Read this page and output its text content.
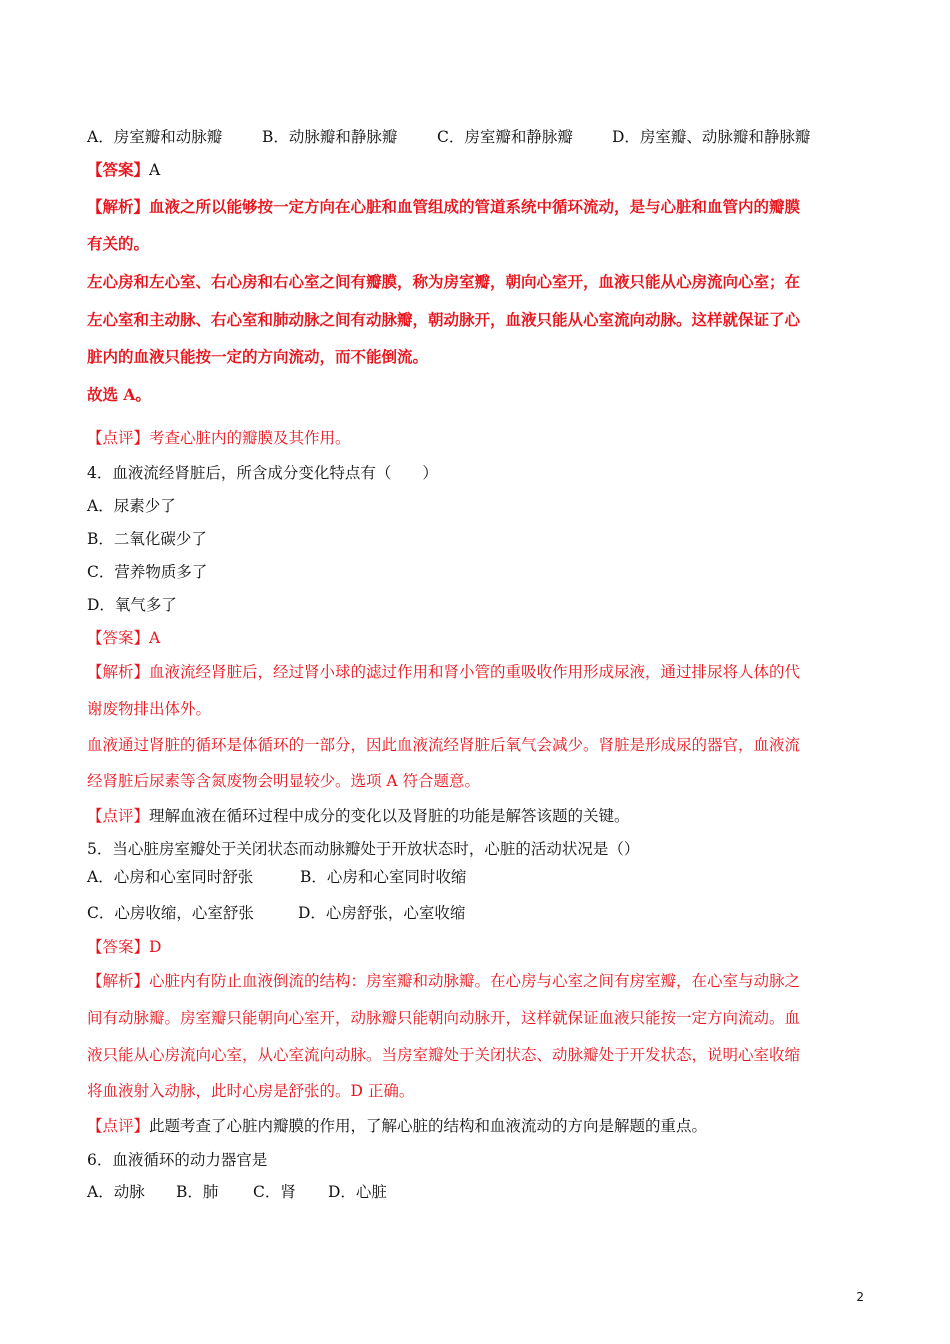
A．房室瓣和动脉瓣	B．动脉瓣和静脉瓣	C．房室瓣和静脉瓣	D．房室瓣、动脉瓣和静脉瓣
【答案】A
【解析】血液之所以能够按一定方向在心脏和血管组成的管道系统中循环流动，是与心脏和血管内的瓣膜
有关的。
左心房和左心室、右心房和右心室之间有瓣膜，称为房室瓣，朝向心室开，血液只能从心房流向心室；在
左心室和主动脉、右心室和肺动脉之间有动脉瓣，朝动脉开，血液只能从心室流向动脉。这样就保证了心
脏内的血液只能按一定的方向流动，而不能倒流。
故选 A。
【点评】考查心脏内的瓣膜及其作用。
4．血液流经肾脏后，所含成分变化特点有（　　）
A．尿素少了
B．二氧化碳少了
C．营养物质多了
D．氧气多了
【答案】A
【解析】血液流经肾脏后，经过肾小球的滤过作用和肾小管的重吸收作用形成尿液，通过排尿将人体的代
谢废物排出体外。
血液通过肾脏的循环是体循环的一部分，因此血液流经肾脏后氧气会减少。肾脏是形成尿的器官，血液流
经肾脏后尿素等含氮废物会明显较少。选项 A 符合题意。
【点评】理解血液在循环过程中成分的变化以及肾脏的功能是解答该题的关键。
5．当心脏房室瓣处于关闭状态而动脉瓣处于开放状态时，心脏的活动状况是（）
A．心房和心室同时舒张	B．心房和心室同时收缩
C．心房收缩，心室舒张	D．心房舒张，心室收缩
【答案】D
【解析】心脏内有防止血液倒流的结构：房室瓣和动脉瓣。在心房与心室之间有房室瓣，在心室与动脉之
间有动脉瓣。房室瓣只能朝向心室开，动脉瓣只能朝向动脉开，这样就保证血液只能按一定方向流动。血
液只能从心房流向心室，从心室流向动脉。当房室瓣处于关闭状态、动脉瓣处于开发状态，说明心室收缩
将血液射入动脉，此时心房是舒张的。D 正确。
【点评】此题考查了心脏内瓣膜的作用，了解心脏的结构和血液流动的方向是解题的重点。
6．血液循环的动力器官是
A．动脉 B．肺 C．肾 D．心脏
2
